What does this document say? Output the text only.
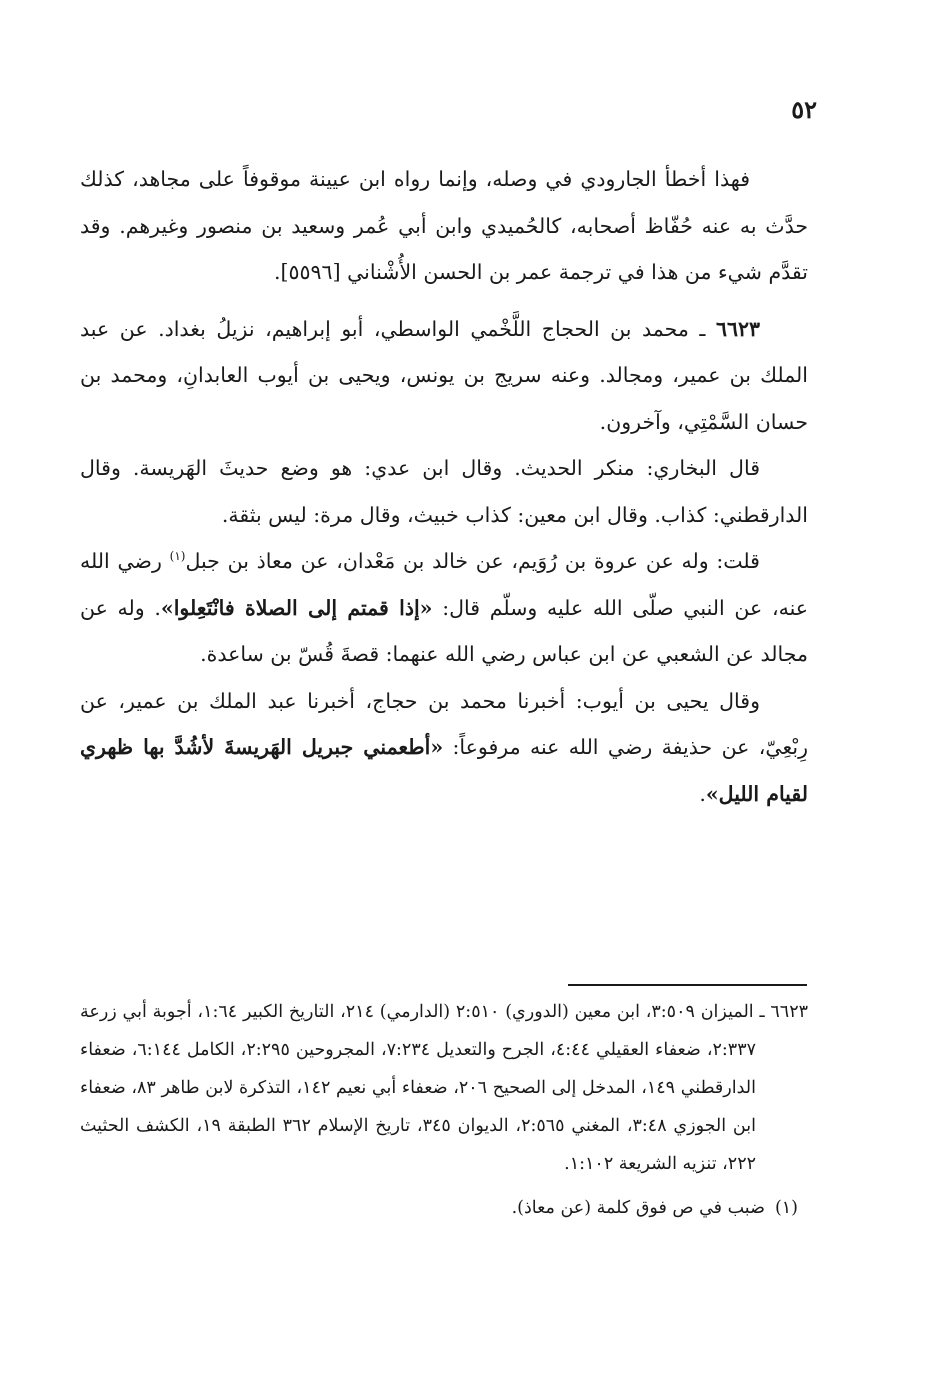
٥٢

فهذا أخطأ الجارودي في وصله، وإنما رواه ابن عيينة موقوفاً على مجاهد، كذلك حدَّث به عنه حُفّاظ أصحابه، كالحُميدي وابن أبي عُمر وسعيد بن منصور وغيرهم. وقد تقدَّم شيء من هذا في ترجمة عمر بن الحسن الأُشْناني [٥٥٩٦].

٦٦٢٣ ـ محمد بن الحجاج اللَّخْمي الواسطي، أبو إبراهيم، نزيلُ بغداد. عن عبد الملك بن عمير، ومجالد. وعنه سريج بن يونس، ويحيى بن أيوب العابدانِ، ومحمد بن حسان السَّمْتِي، وآخرون.

قال البخاري: منكر الحديث. وقال ابن عدي: هو وضع حديثَ الهَريسة. وقال الدارقطني: كذاب. وقال ابن معين: كذاب خبيث، وقال مرة: ليس بثقة.

قلت: وله عن عروة بن رُوَيم، عن خالد بن مَعْدان، عن معاذ بن جبل$^{(١)}$ رضي الله عنه، عن النبي صلّى الله عليه وسلّم قال: «إذا قمتم إلى الصلاة فانْتَعِلوا». وله عن مجالد عن الشعبي عن ابن عباس رضي الله عنهما: قصةَ قُسّ بن ساعدة.

وقال يحيى بن أيوب: أخبرنا محمد بن حجاج، أخبرنا عبد الملك بن عمير، عن رِبْعِيّ، عن حذيفة رضي الله عنه مرفوعاً: «أطعمني جبريل الهَريسةَ لأشُدَّ بها ظهري لقيام الليل».

٦٦٢٣ ـ الميزان ٣:٥٠٩، ابن معين (الدوري) ٢:٥١٠ (الدارمي) ٢١٤، التاريخ الكبير ١:٦٤، أجوبة أبي زرعة ٢:٣٣٧، ضعفاء العقيلي ٤:٤٤، الجرح والتعديل ٧:٢٣٤، المجروحين ٢:٢٩٥، الكامل ٦:١٤٤، ضعفاء الدارقطني ١٤٩، المدخل إلى الصحيح ٢٠٦، ضعفاء أبي نعيم ١٤٢، التذكرة لابن طاهر ٨٣، ضعفاء ابن الجوزي ٣:٤٨، المغني ٢:٥٦٥، الديوان ٣٤٥، تاريخ الإسلام ٣٦٢ الطبقة ١٩، الكشف الحثيث ٢٢٢، تنزيه الشريعة ١:١٠٢.

(١)ضبب في ص فوق كلمة (عن معاذ).
